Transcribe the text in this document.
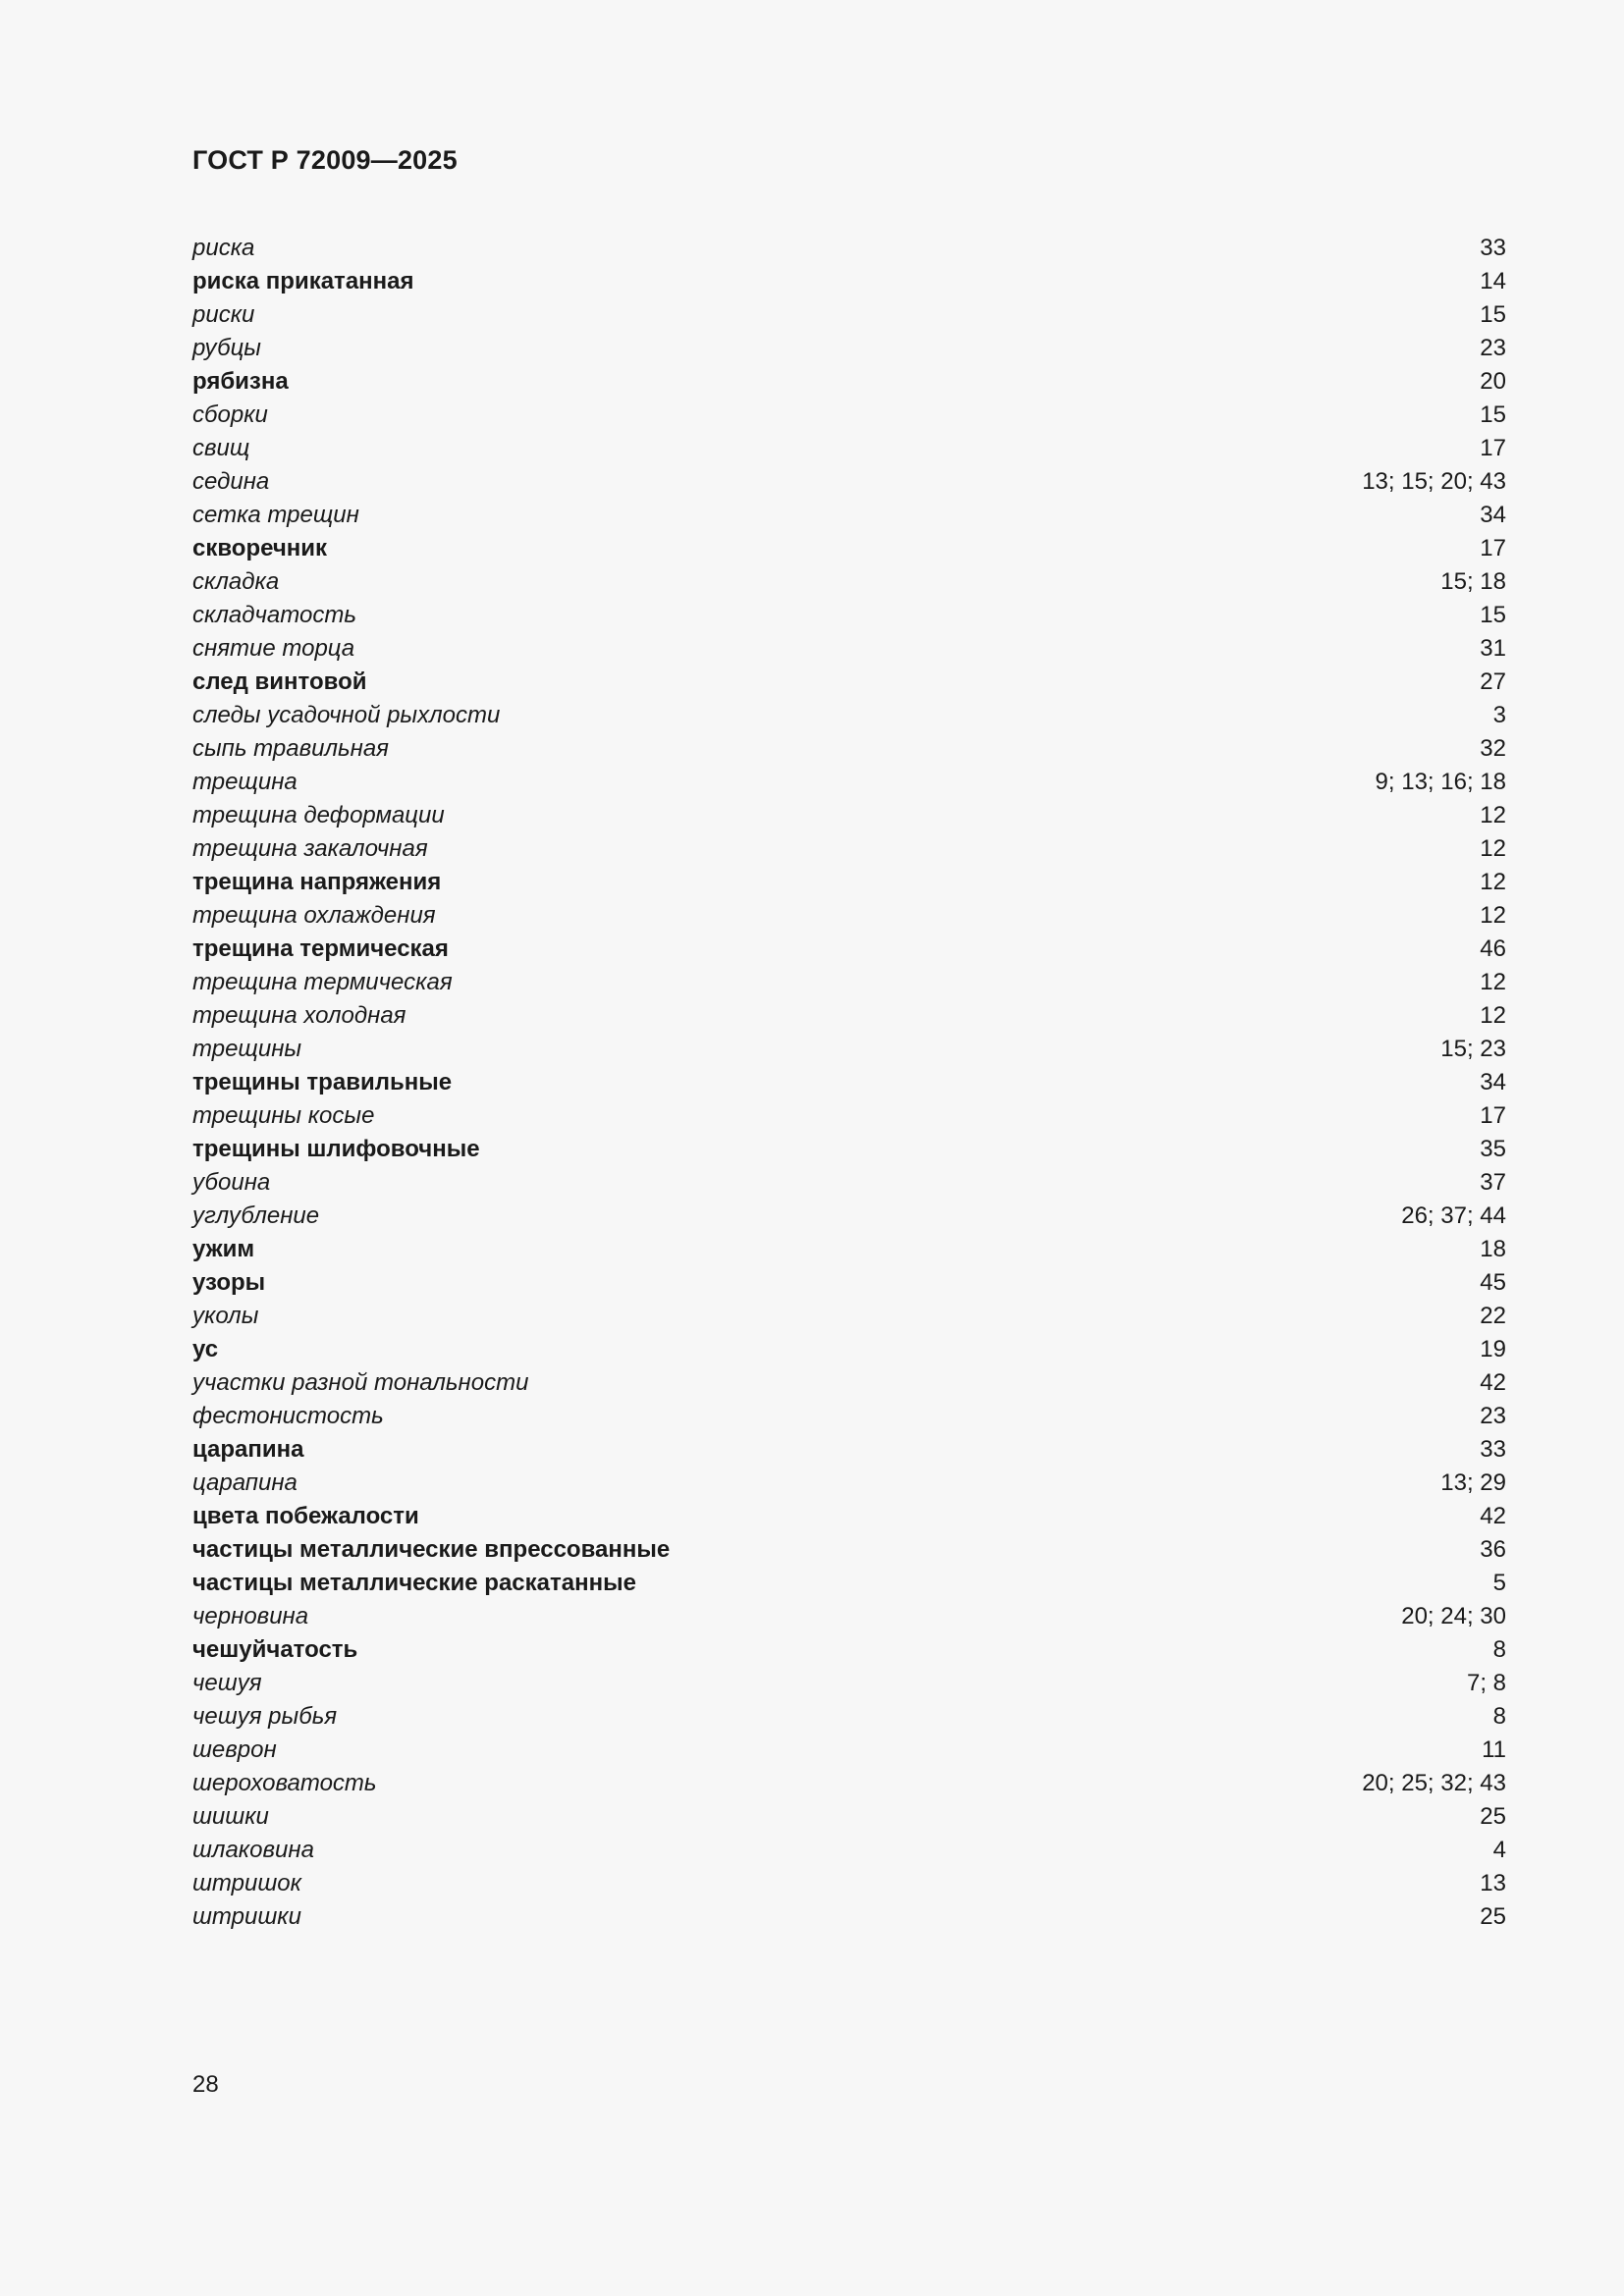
ГОСТ Р 72009—2025
риска	33
риска прикатанная	14
риски	15
рубцы	23
рябизна	20
сборки	15
свищ	17
седина	13; 15; 20; 43
сетка трещин	34
скворечник	17
складка	15; 18
складчатость	15
снятие торца	31
след винтовой	27
следы усадочной рыхлости	3
сыпь травильная	32
трещина	9; 13; 16; 18
трещина деформации	12
трещина закалочная	12
трещина напряжения	12
трещина охлаждения	12
трещина термическая	46
трещина термическая	12
трещина холодная	12
трещины	15; 23
трещины травильные	34
трещины косые	17
трещины шлифовочные	35
убоина	37
углубление	26; 37; 44
ужим	18
узоры	45
уколы	22
ус	19
участки разной тональности	42
фестонистость	23
царапина	33
царапина	13; 29
цвета побежалости	42
частицы металлические впрессованные	36
частицы металлические раскатанные	5
черновина	20; 24; 30
чешуйчатость	8
чешуя	7; 8
чешуя рыбья	8
шеврон	11
шероховатость	20; 25; 32; 43
шишки	25
шлаковина	4
штришок	13
штришки	25
28
